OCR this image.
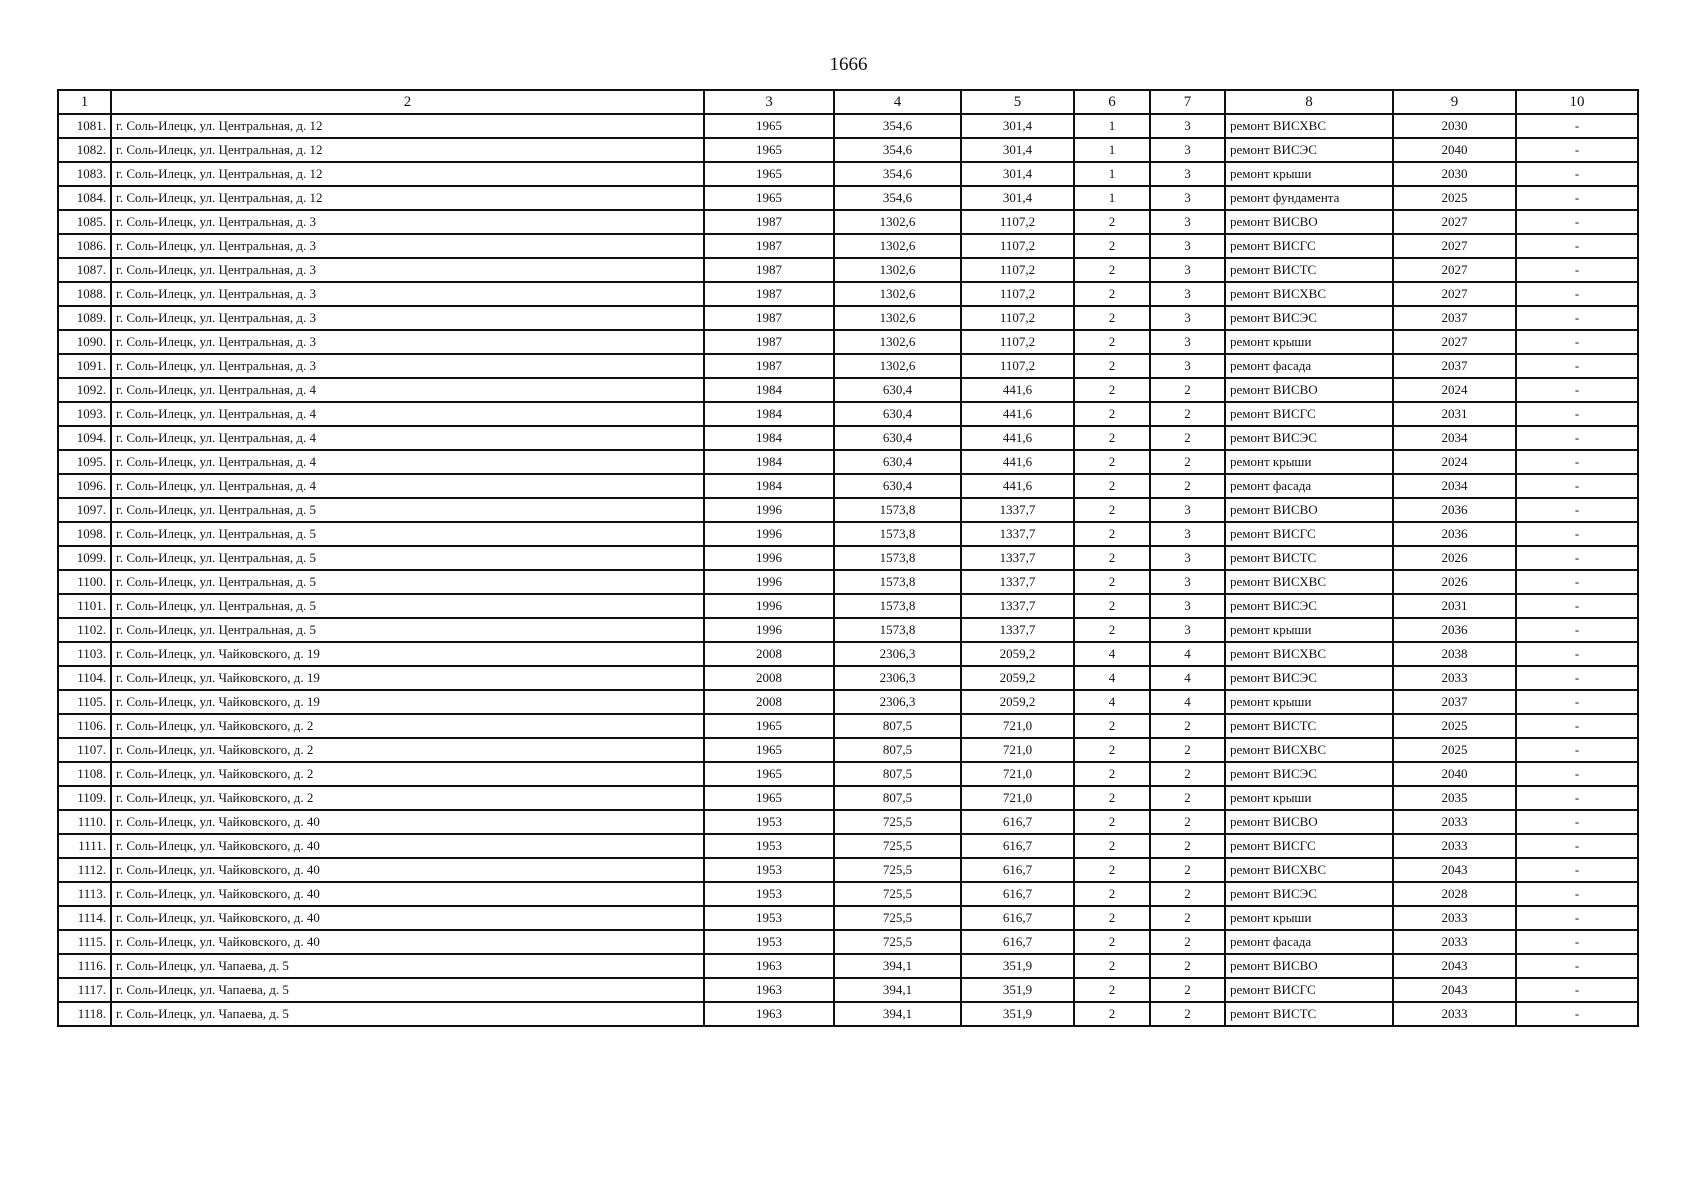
1666
1	2	3	4	5	6	7	8	9	10
1081.	г. Соль-Илецк, ул. Центральная, д. 12	1965	354,6	301,4	1	3	ремонт ВИСХВС	2030	-
1082.	г. Соль-Илецк, ул. Центральная, д. 12	1965	354,6	301,4	1	3	ремонт ВИСЭС	2040	-
1083.	г. Соль-Илецк, ул. Центральная, д. 12	1965	354,6	301,4	1	3	ремонт крыши	2030	-
1084.	г. Соль-Илецк, ул. Центральная, д. 12	1965	354,6	301,4	1	3	ремонт фундамента	2025	-
1085.	г. Соль-Илецк, ул. Центральная, д. 3	1987	1302,6	1107,2	2	3	ремонт ВИСВО	2027	-
1086.	г. Соль-Илецк, ул. Центральная, д. 3	1987	1302,6	1107,2	2	3	ремонт ВИСГС	2027	-
1087.	г. Соль-Илецк, ул. Центральная, д. 3	1987	1302,6	1107,2	2	3	ремонт ВИСТС	2027	-
1088.	г. Соль-Илецк, ул. Центральная, д. 3	1987	1302,6	1107,2	2	3	ремонт ВИСХВС	2027	-
1089.	г. Соль-Илецк, ул. Центральная, д. 3	1987	1302,6	1107,2	2	3	ремонт ВИСЭС	2037	-
1090.	г. Соль-Илецк, ул. Центральная, д. 3	1987	1302,6	1107,2	2	3	ремонт крыши	2027	-
1091.	г. Соль-Илецк, ул. Центральная, д. 3	1987	1302,6	1107,2	2	3	ремонт фасада	2037	-
1092.	г. Соль-Илецк, ул. Центральная, д. 4	1984	630,4	441,6	2	2	ремонт ВИСВО	2024	-
1093.	г. Соль-Илецк, ул. Центральная, д. 4	1984	630,4	441,6	2	2	ремонт ВИСГС	2031	-
1094.	г. Соль-Илецк, ул. Центральная, д. 4	1984	630,4	441,6	2	2	ремонт ВИСЭС	2034	-
1095.	г. Соль-Илецк, ул. Центральная, д. 4	1984	630,4	441,6	2	2	ремонт крыши	2024	-
1096.	г. Соль-Илецк, ул. Центральная, д. 4	1984	630,4	441,6	2	2	ремонт фасада	2034	-
1097.	г. Соль-Илецк, ул. Центральная, д. 5	1996	1573,8	1337,7	2	3	ремонт ВИСВО	2036	-
1098.	г. Соль-Илецк, ул. Центральная, д. 5	1996	1573,8	1337,7	2	3	ремонт ВИСГС	2036	-
1099.	г. Соль-Илецк, ул. Центральная, д. 5	1996	1573,8	1337,7	2	3	ремонт ВИСТС	2026	-
1100.	г. Соль-Илецк, ул. Центральная, д. 5	1996	1573,8	1337,7	2	3	ремонт ВИСХВС	2026	-
1101.	г. Соль-Илецк, ул. Центральная, д. 5	1996	1573,8	1337,7	2	3	ремонт ВИСЭС	2031	-
1102.	г. Соль-Илецк, ул. Центральная, д. 5	1996	1573,8	1337,7	2	3	ремонт крыши	2036	-
1103.	г. Соль-Илецк, ул. Чайковского, д. 19	2008	2306,3	2059,2	4	4	ремонт ВИСХВС	2038	-
1104.	г. Соль-Илецк, ул. Чайковского, д. 19	2008	2306,3	2059,2	4	4	ремонт ВИСЭС	2033	-
1105.	г. Соль-Илецк, ул. Чайковского, д. 19	2008	2306,3	2059,2	4	4	ремонт крыши	2037	-
1106.	г. Соль-Илецк, ул. Чайковского, д. 2	1965	807,5	721,0	2	2	ремонт ВИСТС	2025	-
1107.	г. Соль-Илецк, ул. Чайковского, д. 2	1965	807,5	721,0	2	2	ремонт ВИСХВС	2025	-
1108.	г. Соль-Илецк, ул. Чайковского, д. 2	1965	807,5	721,0	2	2	ремонт ВИСЭС	2040	-
1109.	г. Соль-Илецк, ул. Чайковского, д. 2	1965	807,5	721,0	2	2	ремонт крыши	2035	-
1110.	г. Соль-Илецк, ул. Чайковского, д. 40	1953	725,5	616,7	2	2	ремонт ВИСВО	2033	-
1111.	г. Соль-Илецк, ул. Чайковского, д. 40	1953	725,5	616,7	2	2	ремонт ВИСГС	2033	-
1112.	г. Соль-Илецк, ул. Чайковского, д. 40	1953	725,5	616,7	2	2	ремонт ВИСХВС	2043	-
1113.	г. Соль-Илецк, ул. Чайковского, д. 40	1953	725,5	616,7	2	2	ремонт ВИСЭС	2028	-
1114.	г. Соль-Илецк, ул. Чайковского, д. 40	1953	725,5	616,7	2	2	ремонт крыши	2033	-
1115.	г. Соль-Илецк, ул. Чайковского, д. 40	1953	725,5	616,7	2	2	ремонт фасада	2033	-
1116.	г. Соль-Илецк, ул. Чапаева, д. 5	1963	394,1	351,9	2	2	ремонт ВИСВО	2043	-
1117.	г. Соль-Илецк, ул. Чапаева, д. 5	1963	394,1	351,9	2	2	ремонт ВИСГС	2043	-
1118.	г. Соль-Илецк, ул. Чапаева, д. 5	1963	394,1	351,9	2	2	ремонт ВИСТС	2033	-
